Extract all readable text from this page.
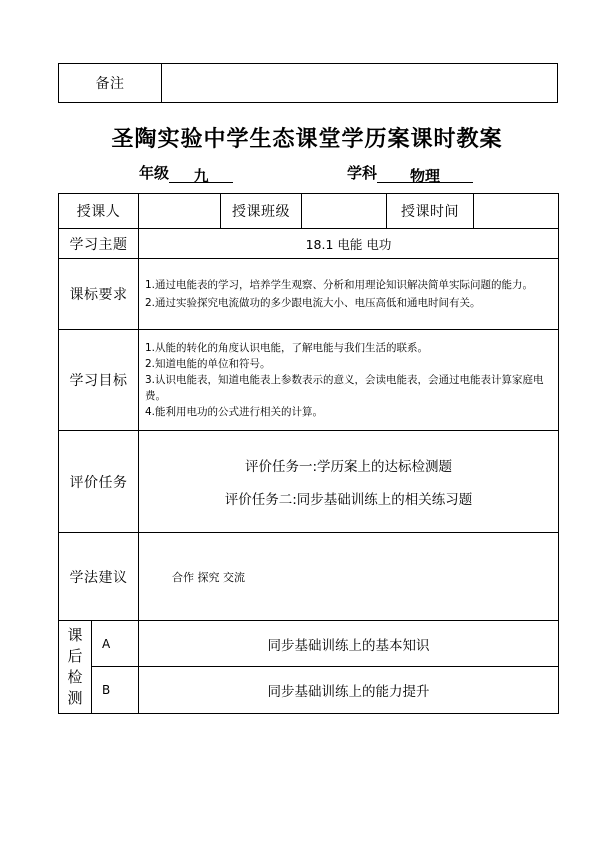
备注	
圣陶实验中学生态课堂学历案课时教案
年级 九	学科 物理
授课人			授课班级		授课时间	
学习主题		18.1 电能 电功				
课标要求		1.通过电能表的学习，培养学生观察、分析和用理论知识解决简单实际问题的能力。
2.通过实验探究电流做功的多少跟电流大小、电压高低和通电时间有关。				

学习目标		1.从能的转化的角度认识电能，了解电能与我们生活的联系。
2.知道电能的单位和符号。
3.认识电能表，知道电能表上参数表示的意义，会读电能表，会通过电能表计算家庭电费。
4.能利用电功的公式进行相关的计算。				

评价任务		评价任务一:学历案上的达标检测题
评价任务二:同步基础训练上的相关练习题				

学法建议		合作 探究 交流				

课
后
检
测	A	同步基础训练上的基本知识				
	B	同步基础训练上的能力提升				
